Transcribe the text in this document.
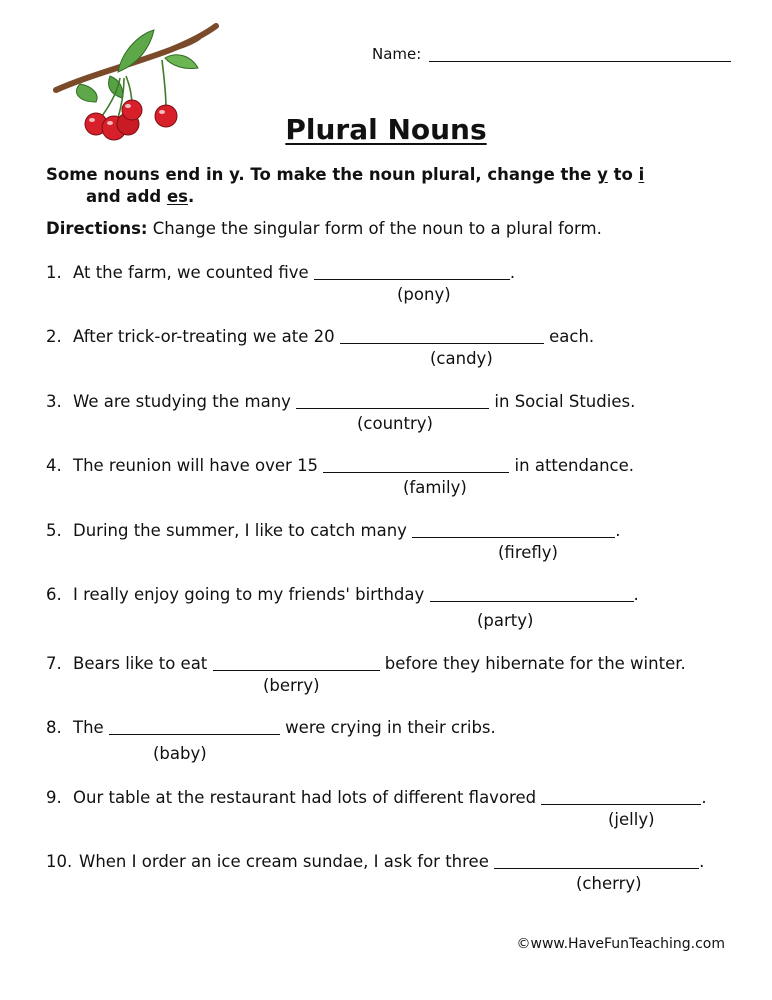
Name:
Plural Nouns
Some nouns end in y. To make the noun plural, change the y to i
and add es.
Directions: Change the singular form of the noun to a plural form.
1. At the farm, we counted five	.
(pony)
2. After trick-or-treating we ate 20	each.
(candy)
3. We are studying the many	in Social Studies.
(country)
4. The reunion will have over 15	in attendance.
(family)
5. During the summer, I like to catch many	.
(firefly)
6. I really enjoy going to my friends' birthday	.
(party)
7. Bears like to eat	before they hibernate for the winter.
(berry)
8. The	were crying in their cribs.
(baby)
9. Our table at the restaurant had lots of different flavored	.
(jelly)
10. When I order an ice cream sundae, I ask for three	.
(cherry)
©www.HaveFunTeaching.com
